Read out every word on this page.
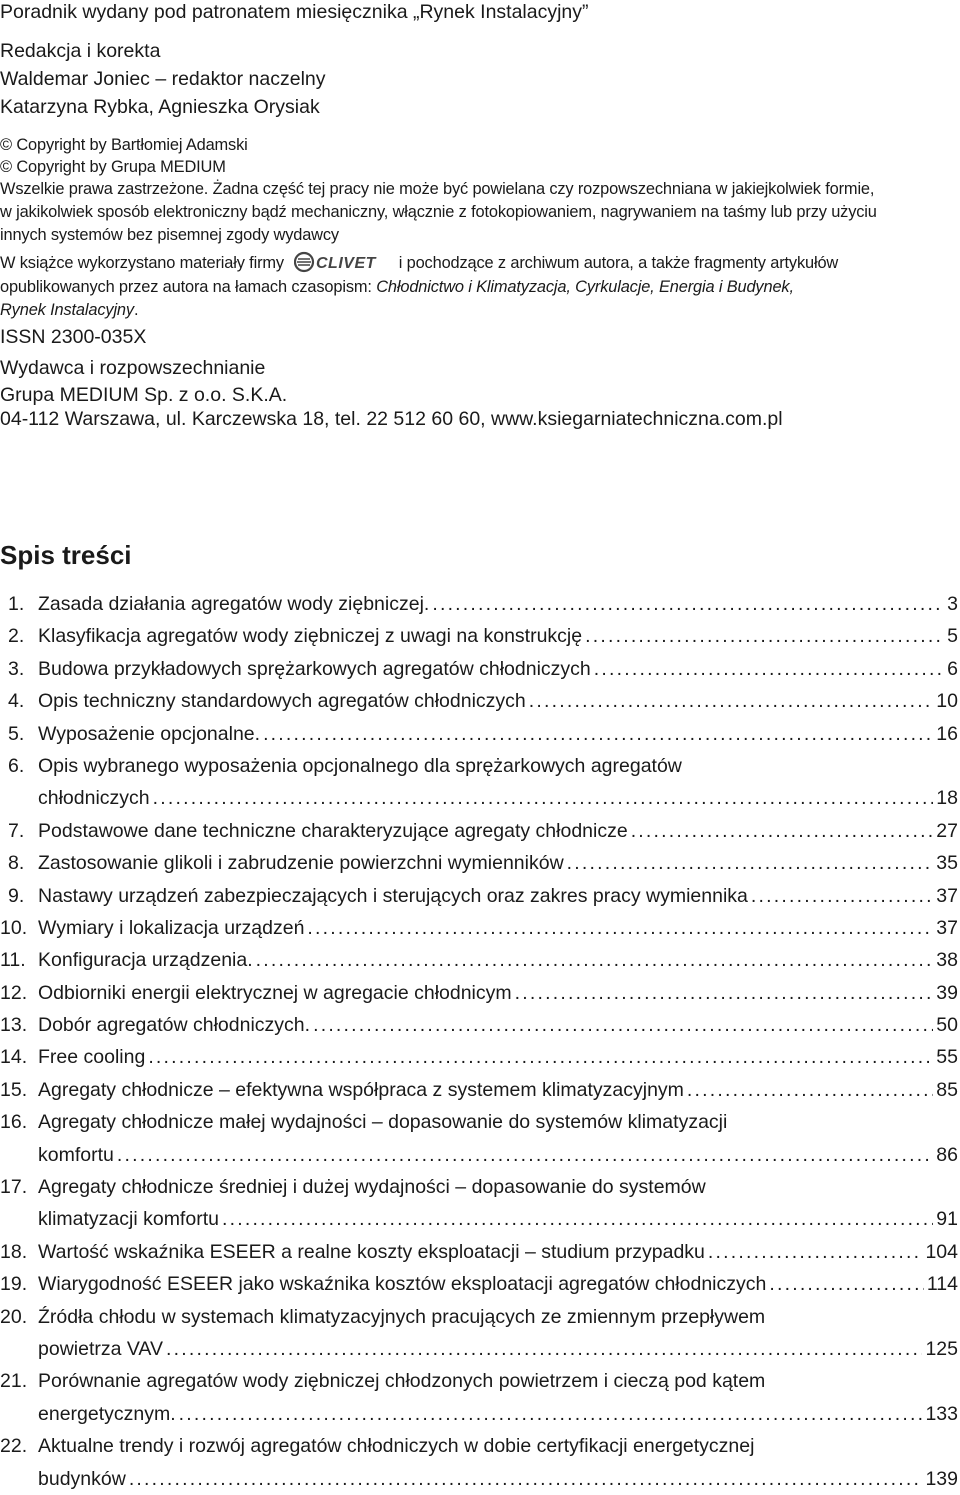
Poradnik wydany pod patronatem miesięcznika „Rynek Instalacyjny”
Redakcja i korekta
Waldemar Joniec – redaktor naczelny
Katarzyna Rybka, Agnieszka Orysiak
© Copyright by Bartłomiej Adamski
© Copyright by Grupa MEDIUM
Wszelkie prawa zastrzeżone. Żadna część tej pracy nie może być powielana czy rozpowszechniana w jakiejkolwiek formie,
w jakikolwiek sposób elektroniczny bądź mechaniczny, włącznie z fotokopiowaniem, nagrywaniem na taśmy lub przy użyciu
innych systemów bez pisemnej zgody wydawcy
W książce wykorzystano materiały firmy CLIVET i pochodzące z archiwum autora, a także fragmenty artykułów
opublikowanych przez autora na łamach czasopism: Chłodnictwo i Klimatyzacja, Cyrkulacje, Energia i Budynek,
Rynek Instalacyjny.
ISSN 2300-035X
Wydawca i rozpowszechnianie
Grupa MEDIUM Sp. z o.o. S.K.A.
04-112 Warszawa, ul. Karczewska 18, tel. 22 512 60 60, www.ksiegarniatechniczna.com.pl
Spis treści
1. Zasada działania agregatów wody ziębniczej. .....	3
2. Klasyfikacja agregatów wody ziębniczej z uwagi na konstrukcję .....	5
3. Budowa przykładowych sprężarkowych agregatów chłodniczych .....	6
4. Opis techniczny standardowych agregatów chłodniczych .....	10
5. Wyposażenie opcjonalne. .....	16
6. Opis wybranego wyposażenia opcjonalnego dla sprężarkowych agregatów
chłodniczych .....	18
7. Podstawowe dane techniczne charakteryzujące agregaty chłodnicze .....	27
8. Zastosowanie glikoli i zabrudzenie powierzchni wymienników .....	35
9. Nastawy urządzeń zabezpieczających i sterujących oraz zakres pracy wymiennika .....	37
10. Wymiary i lokalizacja urządzeń .....	37
11. Konfiguracja urządzenia. .....	38
12. Odbiorniki energii elektrycznej w agregacie chłodnicym .....	39
13. Dobór agregatów chłodniczych. .....	50
14. Free cooling .....	55
15. Agregaty chłodnicze – efektywna współpraca z systemem klimatyzacyjnym .....	85
16. Agregaty chłodnicze małej wydajności – dopasowanie do systemów klimatyzacji
komfortu .....	86
17. Agregaty chłodnicze średniej i dużej wydajności – dopasowanie do systemów
klimatyzacji komfortu .....	91
18. Wartość wskaźnika ESEER a realne koszty eksploatacji – studium przypadku .....	104
19. Wiarygodność ESEER jako wskaźnika kosztów eksploatacji agregatów chłodniczych .....	114
20. Źródła chłodu w systemach klimatyzacyjnych pracujących ze zmiennym przepływem
powietrza VAV .....	125
21. Porównanie agregatów wody ziębniczej chłodzonych powietrzem i cieczą pod kątem
energetycznym. .....	133
22. Aktualne trendy i rozwój agregatów chłodniczych w dobie certyfikacji energetycznej
budynków .....	139
